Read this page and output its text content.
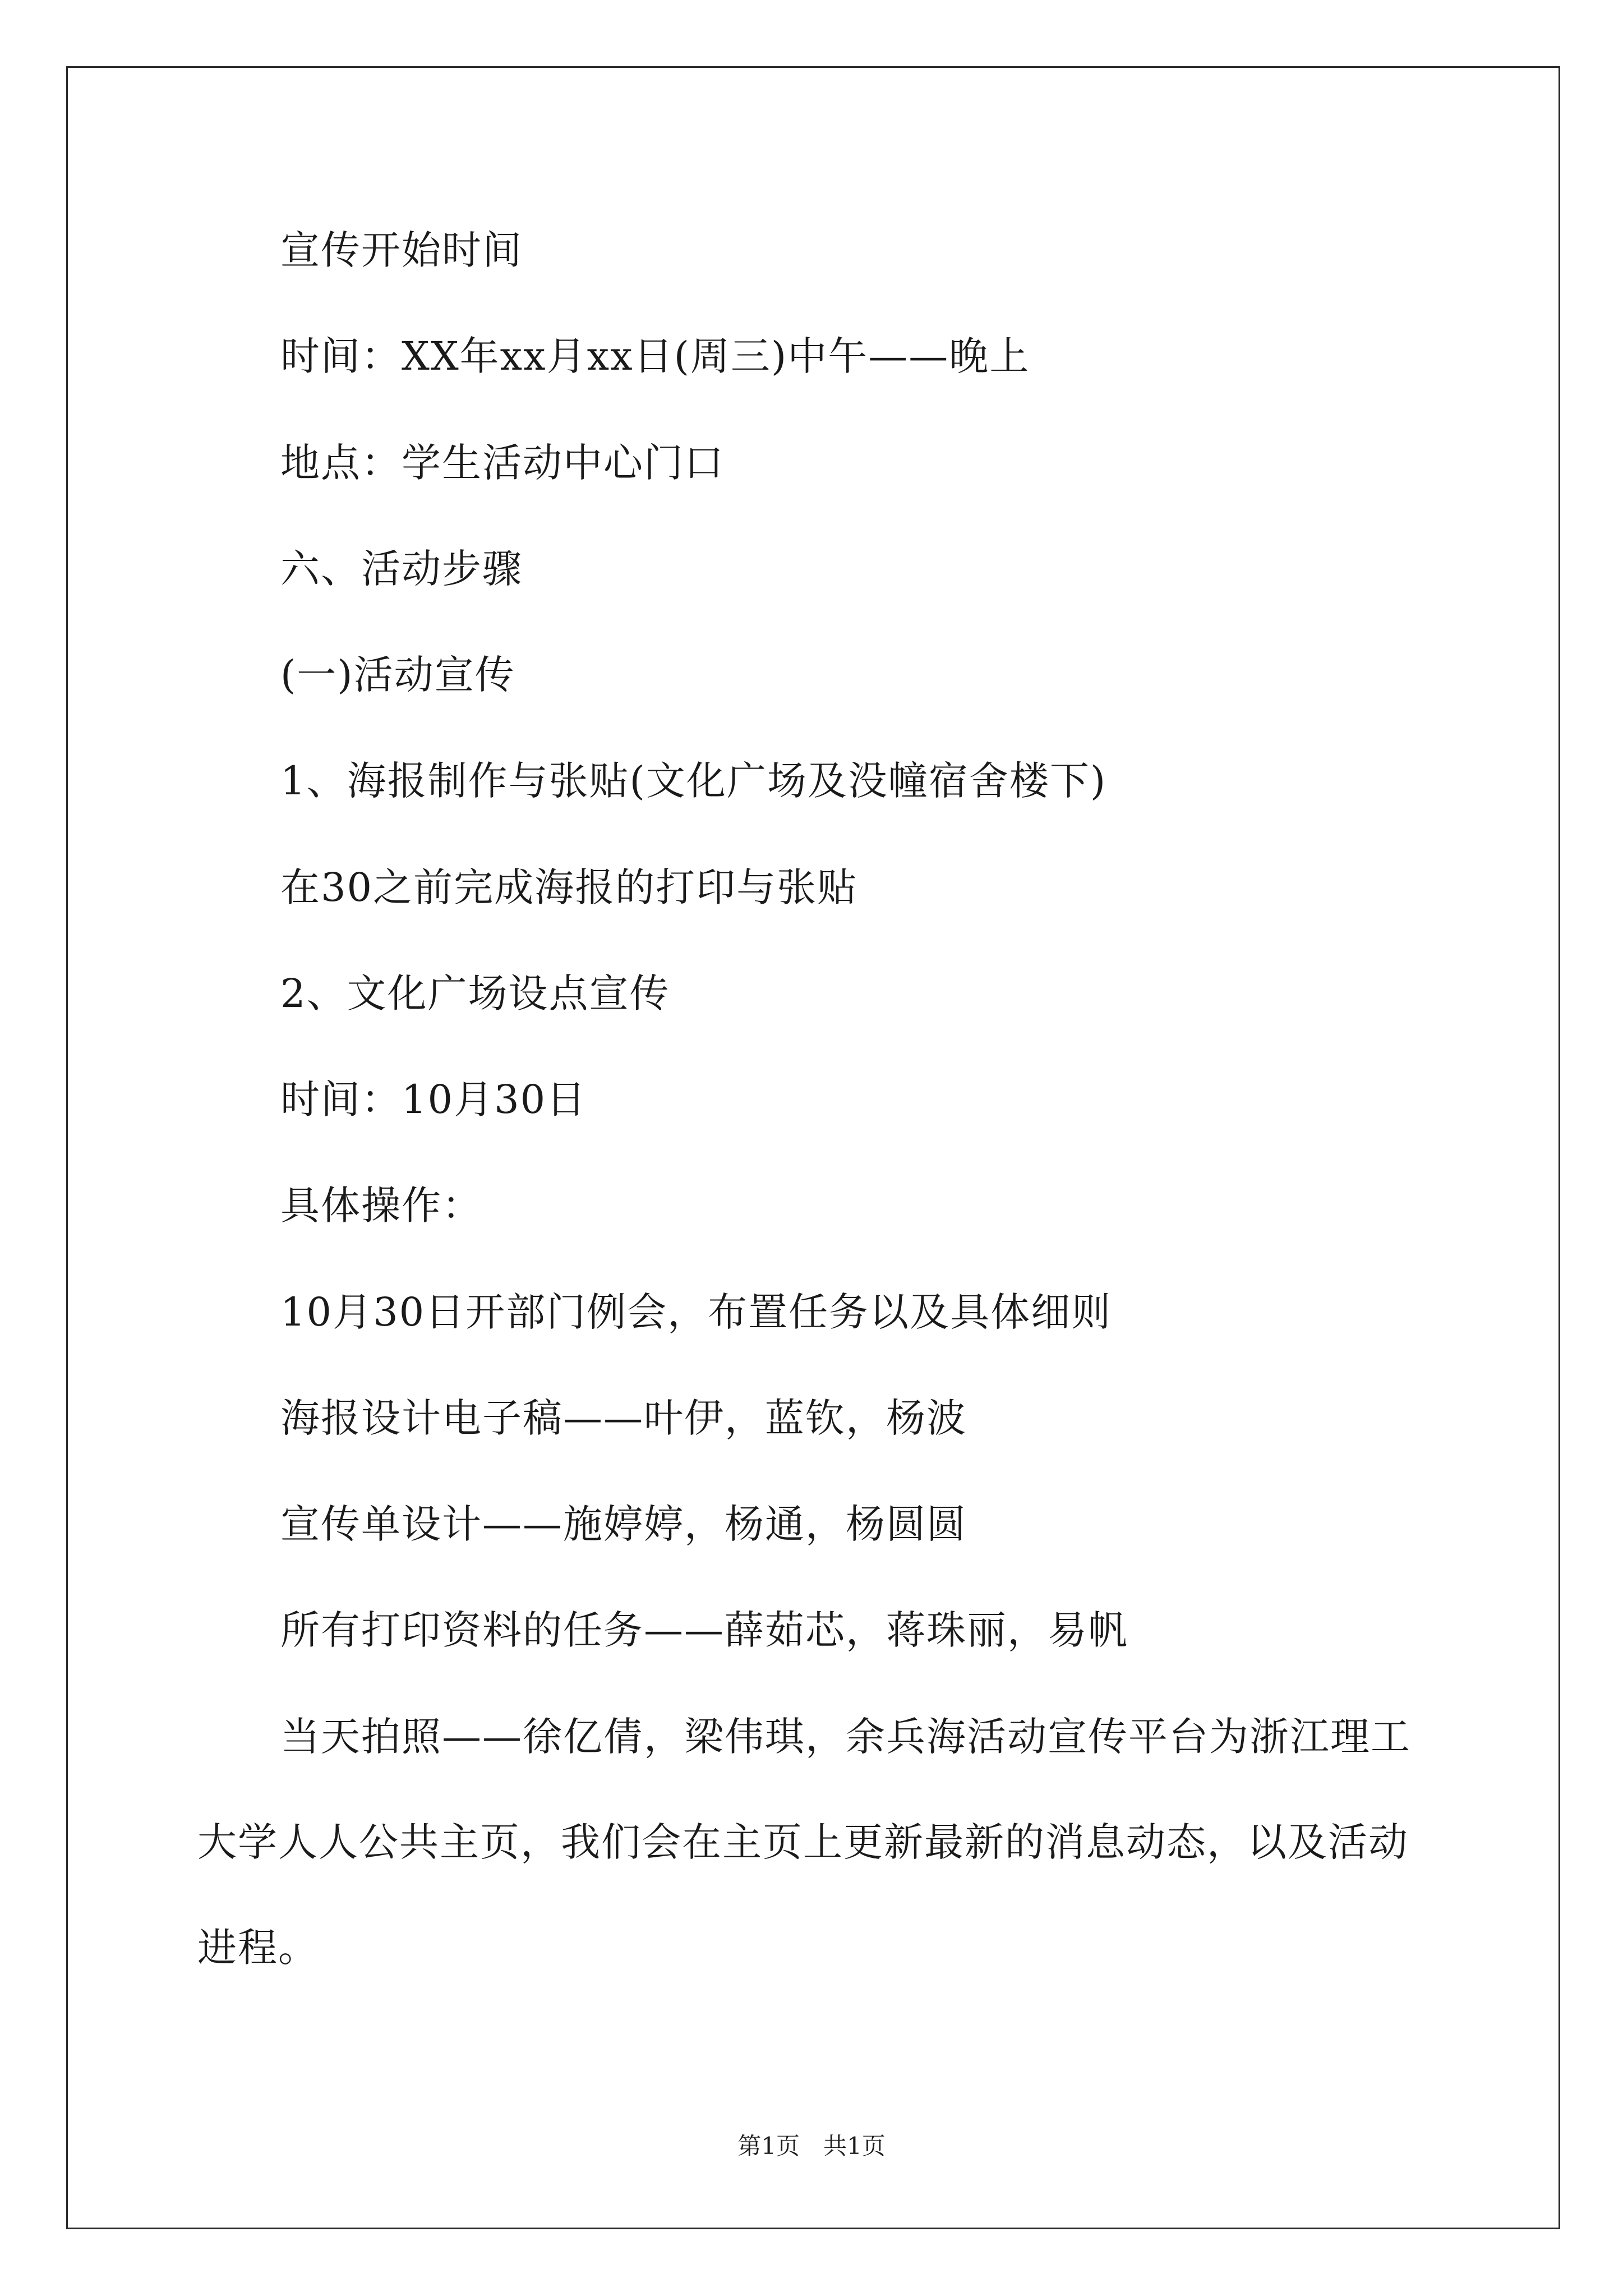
宣传开始时间
时间：XX年xx月xx日(周三)中午——晚上
地点：学生活动中心门口
六、活动步骤
(一)活动宣传
1、海报制作与张贴(文化广场及没幢宿舍楼下)
在30之前完成海报的打印与张贴
2、文化广场设点宣传
时间：10月30日
具体操作：
10月30日开部门例会，布置任务以及具体细则
海报设计电子稿——叶伊，蓝钦，杨波
宣传单设计——施婷婷，杨通，杨圆圆
所有打印资料的任务——薛茹芯，蒋珠丽，易帆
当天拍照——徐亿倩，梁伟琪，余兵海活动宣传平台为浙江理工大学人人公共主页，我们会在主页上更新最新的消息动态，以及活动进程。
第1页　共1页
